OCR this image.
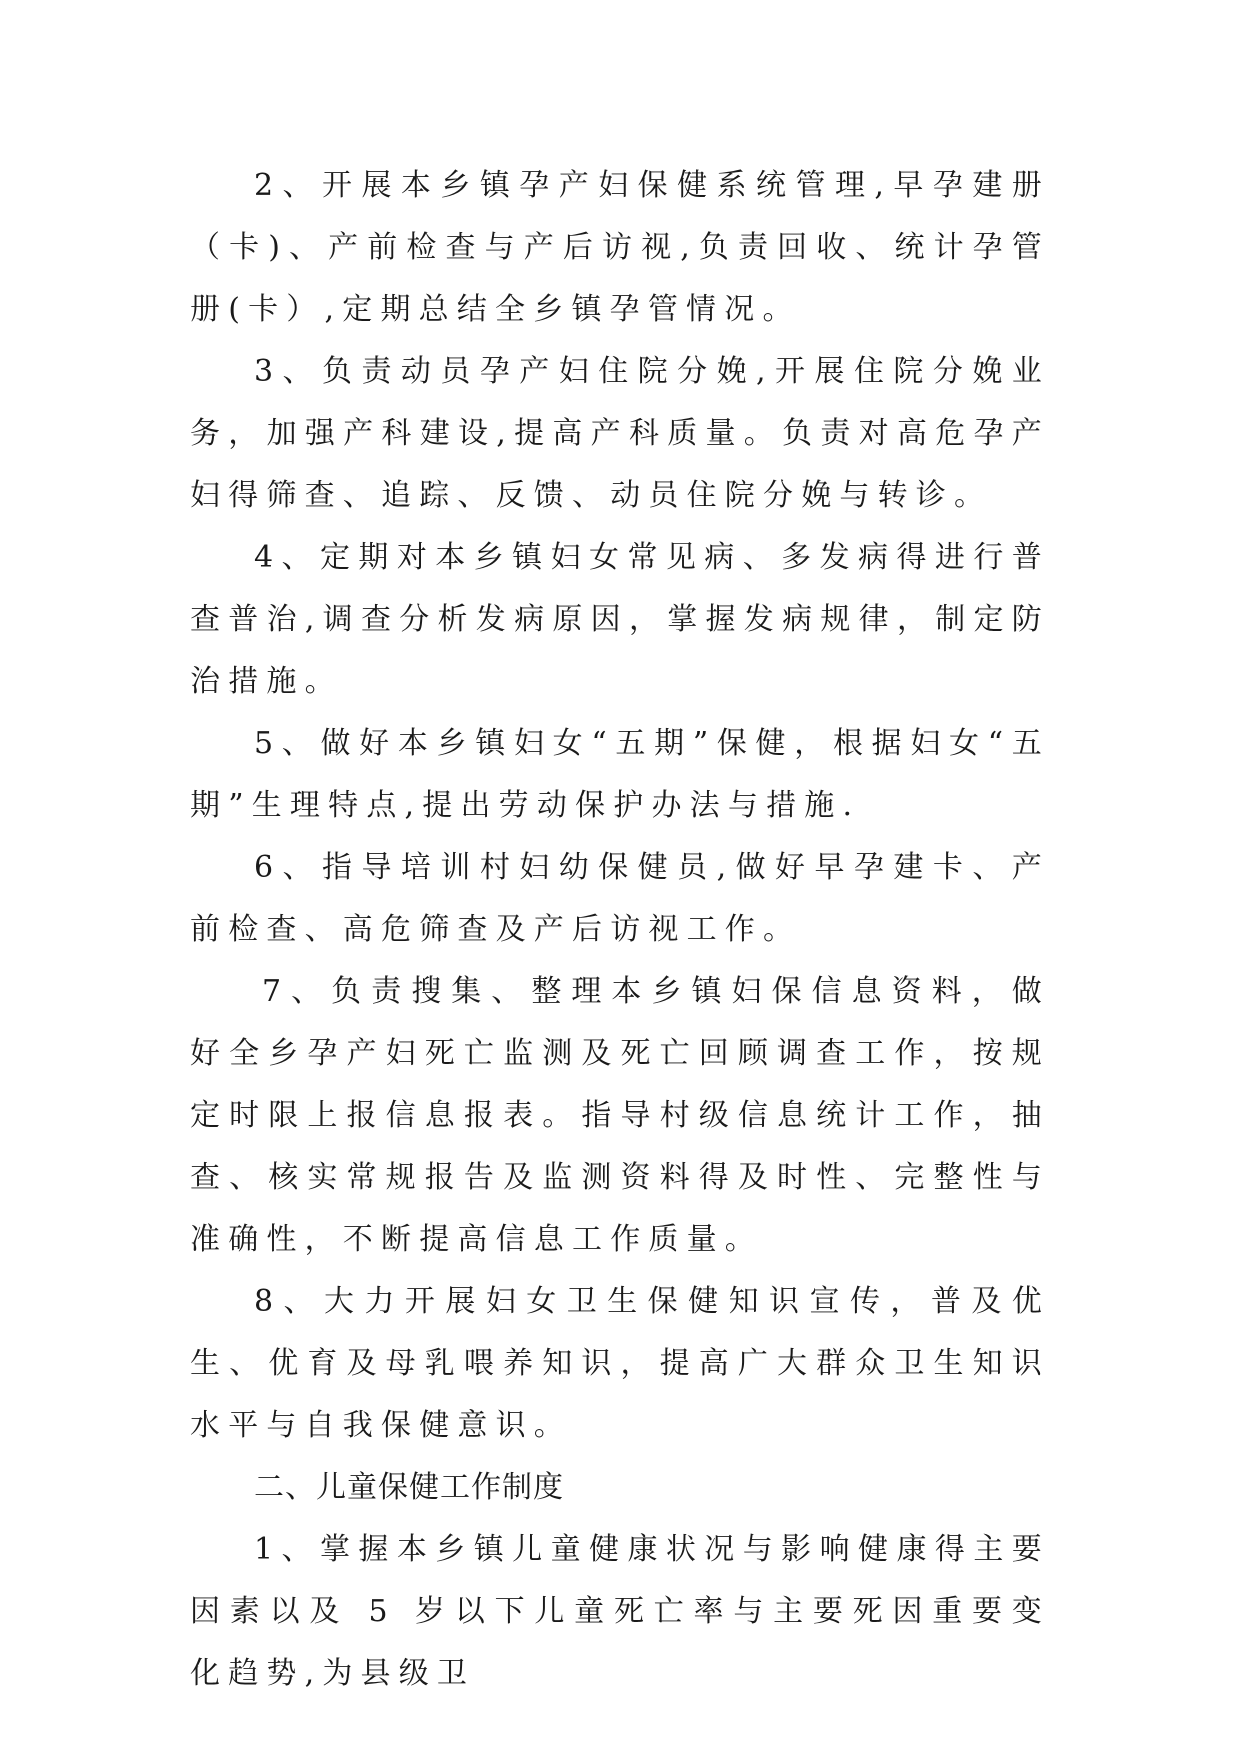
2、开展本乡镇孕产妇保健系统管理,早孕建册（卡)、产前检查与产后访视,负责回收、统计孕管册(卡）,定期总结全乡镇孕管情况。

3、负责动员孕产妇住院分娩,开展住院分娩业务，加强产科建设,提高产科质量。负责对高危孕产妇得筛查、追踪、反馈、动员住院分娩与转诊。

4、定期对本乡镇妇女常见病、多发病得进行普查普治,调查分析发病原因，掌握发病规律，制定防治措施。

5、做好本乡镇妇女“五期”保健，根据妇女“五期”生理特点,提出劳动保护办法与措施.

6、指导培训村妇幼保健员,做好早孕建卡、产前检查、高危筛查及产后访视工作。

7、负责搜集、整理本乡镇妇保信息资料，做好全乡孕产妇死亡监测及死亡回顾调查工作，按规定时限上报信息报表。指导村级信息统计工作，抽查、核实常规报告及监测资料得及时性、完整性与准确性，不断提高信息工作质量。

8、大力开展妇女卫生保健知识宣传，普及优生、优育及母乳喂养知识，提高广大群众卫生知识水平与自我保健意识。

二、儿童保健工作制度

1、掌握本乡镇儿童健康状况与影响健康得主要因素以及 5 岁以下儿童死亡率与主要死因重要变化趋势,为县级卫
